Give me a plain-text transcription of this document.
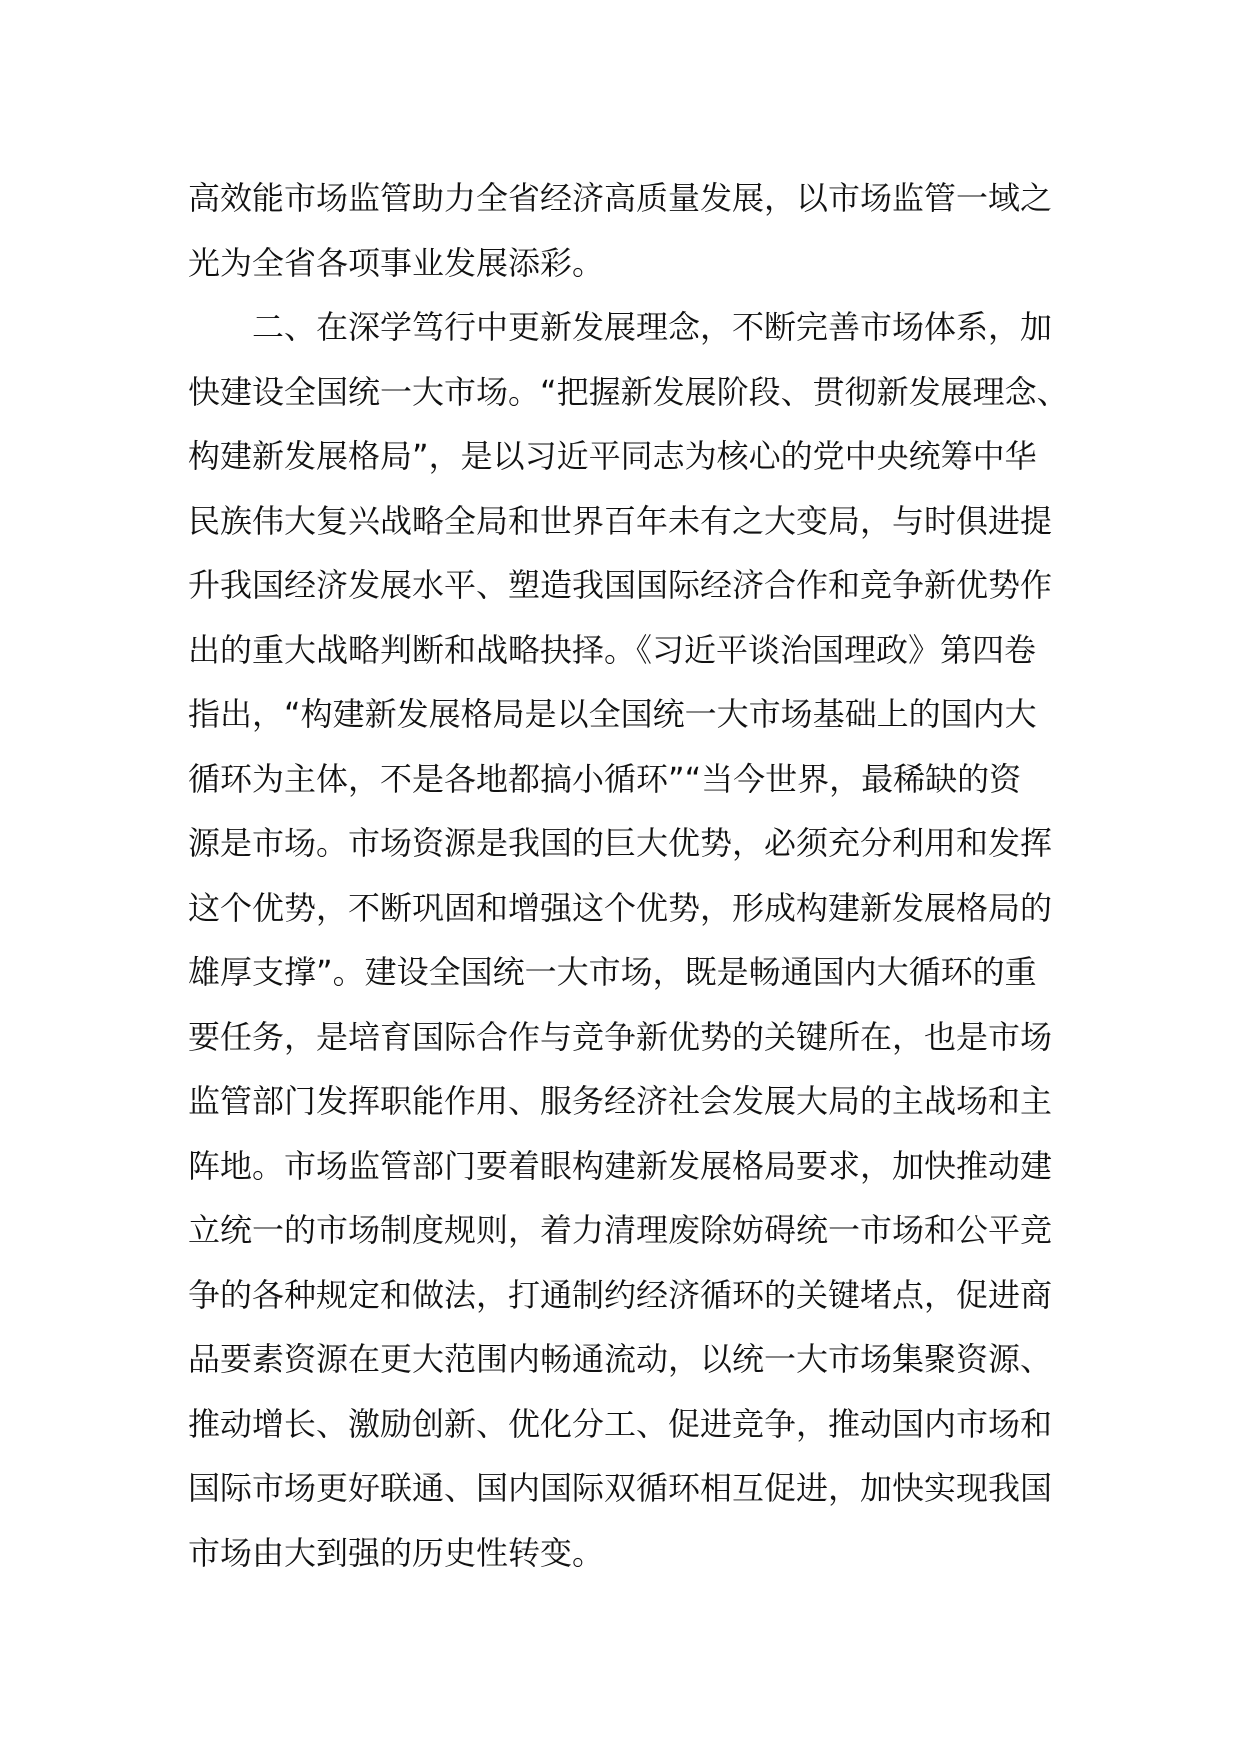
高效能市场监管助力全省经济高质量发展，以市场监管一域之
光为全省各项事业发展添彩。
二、在深学笃行中更新发展理念，不断完善市场体系，加
快建设全国统一大市场。“把握新发展阶段、贯彻新发展理念、
构建新发展格局”，是以习近平同志为核心的党中央统筹中华
民族伟大复兴战略全局和世界百年未有之大变局，与时俱进提
升我国经济发展水平、塑造我国国际经济合作和竞争新优势作
出的重大战略判断和战略抉择。《习近平谈治国理政》第四卷
指出，“构建新发展格局是以全国统一大市场基础上的国内大
循环为主体，不是各地都搞小循环”“当今世界，最稀缺的资
源是市场。市场资源是我国的巨大优势，必须充分利用和发挥
这个优势，不断巩固和增强这个优势，形成构建新发展格局的
雄厚支撑”。建设全国统一大市场，既是畅通国内大循环的重
要任务，是培育国际合作与竞争新优势的关键所在，也是市场
监管部门发挥职能作用、服务经济社会发展大局的主战场和主
阵地。市场监管部门要着眼构建新发展格局要求，加快推动建
立统一的市场制度规则，着力清理废除妨碍统一市场和公平竞
争的各种规定和做法，打通制约经济循环的关键堵点，促进商
品要素资源在更大范围内畅通流动，以统一大市场集聚资源、
推动增长、激励创新、优化分工、促进竞争，推动国内市场和
国际市场更好联通、国内国际双循环相互促进，加快实现我国
市场由大到强的历史性转变。
